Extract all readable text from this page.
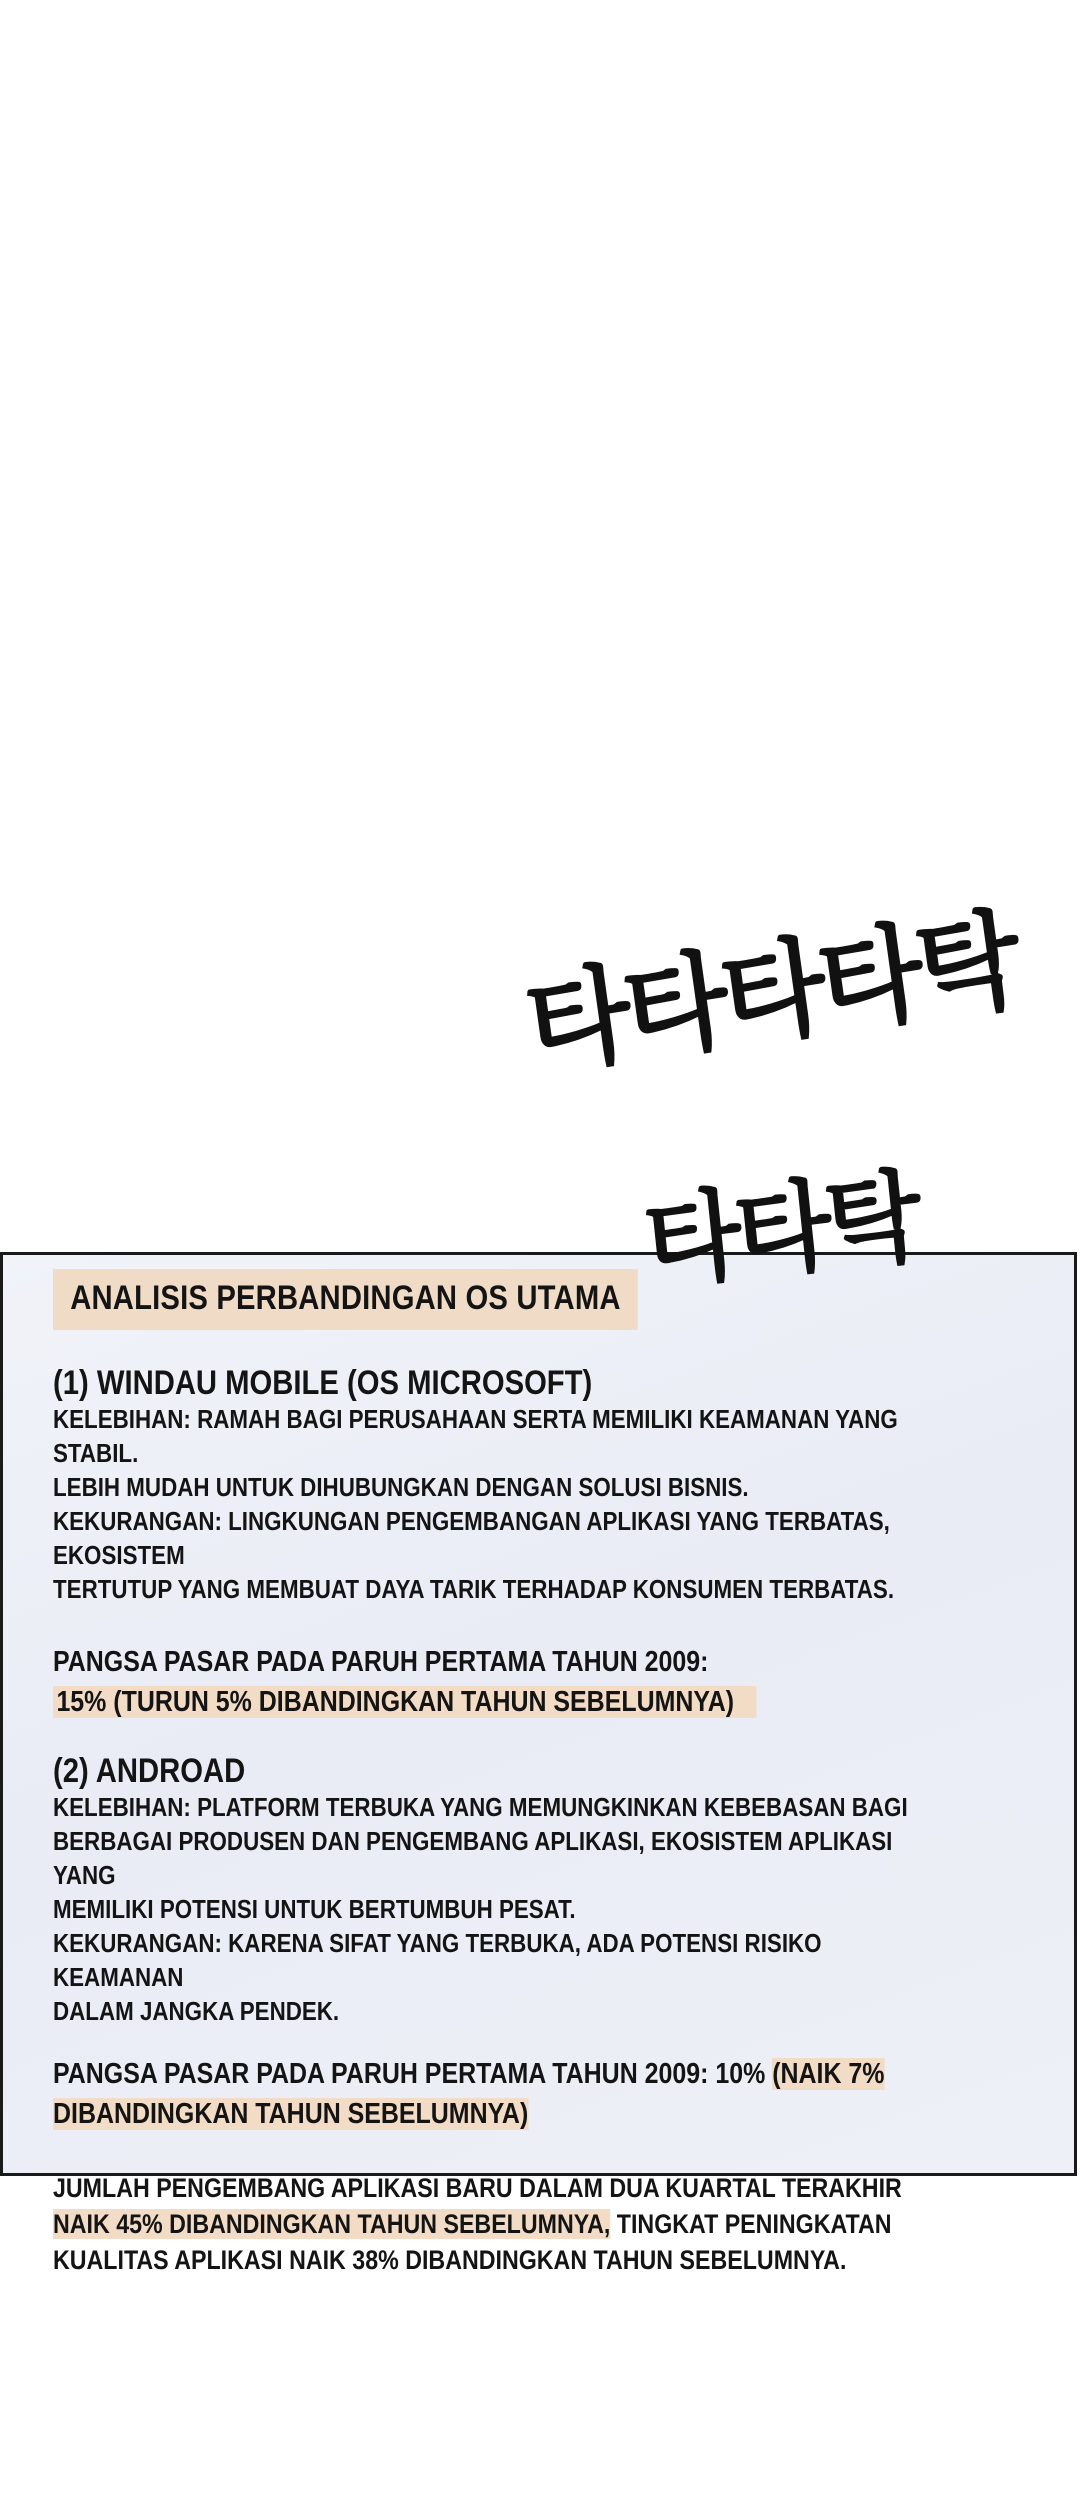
타타타타탁
타타탁
ANALISIS PERBANDINGAN OS UTAMA
(1) WINDAU MOBILE (OS MICROSOFT)
KELEBIHAN: RAMAH BAGI PERUSAHAAN SERTA MEMILIKI KEAMANAN YANG STABIL.
LEBIH MUDAH UNTUK DIHUBUNGKAN DENGAN SOLUSI BISNIS.
KEKURANGAN: LINGKUNGAN PENGEMBANGAN APLIKASI YANG TERBATAS, EKOSISTEM
TERTUTUP YANG MEMBUAT DAYA TARIK TERHADAP KONSUMEN TERBATAS.
PANGSA PASAR PADA PARUH PERTAMA TAHUN 2009:
15% (TURUN 5% DIBANDINGKAN TAHUN SEBELUMNYA)
(2) ANDROAD
KELEBIHAN: PLATFORM TERBUKA YANG MEMUNGKINKAN KEBEBASAN BAGI
BERBAGAI PRODUSEN DAN PENGEMBANG APLIKASI, EKOSISTEM APLIKASI YANG
MEMILIKI POTENSI UNTUK BERTUMBUH PESAT.
KEKURANGAN: KARENA SIFAT YANG TERBUKA, ADA POTENSI RISIKO KEAMANAN
DALAM JANGKA PENDEK.
PANGSA PASAR PADA PARUH PERTAMA TAHUN 2009: 10% (NAIK 7%
DIBANDINGKAN TAHUN SEBELUMNYA)
JUMLAH PENGEMBANG APLIKASI BARU DALAM DUA KUARTAL TERAKHIR
NAIK 45% DIBANDINGKAN TAHUN SEBELUMNYA, TINGKAT PENINGKATAN
KUALITAS APLIKASI NAIK 38% DIBANDINGKAN TAHUN SEBELUMNYA.
